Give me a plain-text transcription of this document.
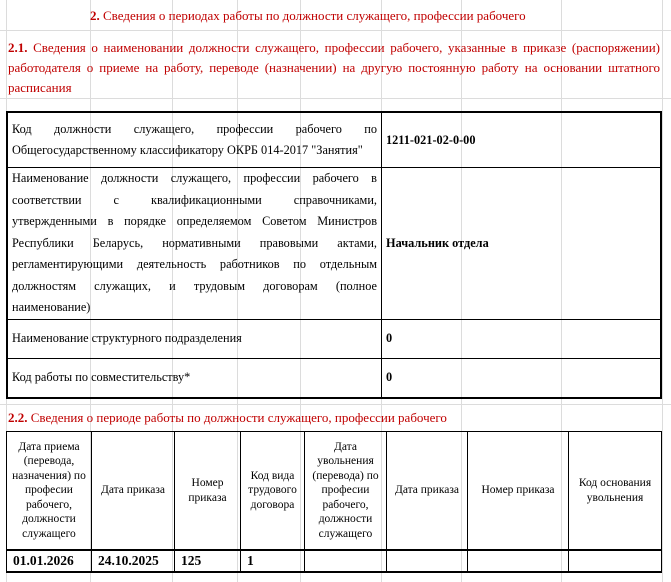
2. Сведения о периодах работы по должности служащего, профессии рабочего
2.1. Сведения о наименовании должности служащего, профессии рабочего, указанные в приказе (распоряжении) работодателя о приеме на работу, переводе (назначении) на другую постоянную работу на основании штатного расписания
Код должности служащего, профессии рабочего по Общегосударственному классификатору ОКРБ 014-2017 "Занятия"	1211-021-02-0-00
Наименование должности служащего, профессии рабочего в соответствии с квалификационными справочниками, утвержденными в порядке определяемом Советом Министров Республики Беларусь, нормативными правовыми актами, регламентирующими деятельность работников по отдельным должностям служащих, и трудовым договорам (полное наименование)	Начальник отдела
Наименование структурного подразделения	0
Код работы по совместительству*	0
2.2. Сведения о периоде работы по должности служащего, профессии рабочего
Дата приема (перевода, назначения) по професии рабочего, должности служащего	Дата приказа	Номер приказа	Код вида трудового договора	Дата увольнения (перевода) по професии рабочего, должности служащего	Дата приказа	Номер приказа	Код основания увольнения
01.01.2026	24.10.2025	125	1				
